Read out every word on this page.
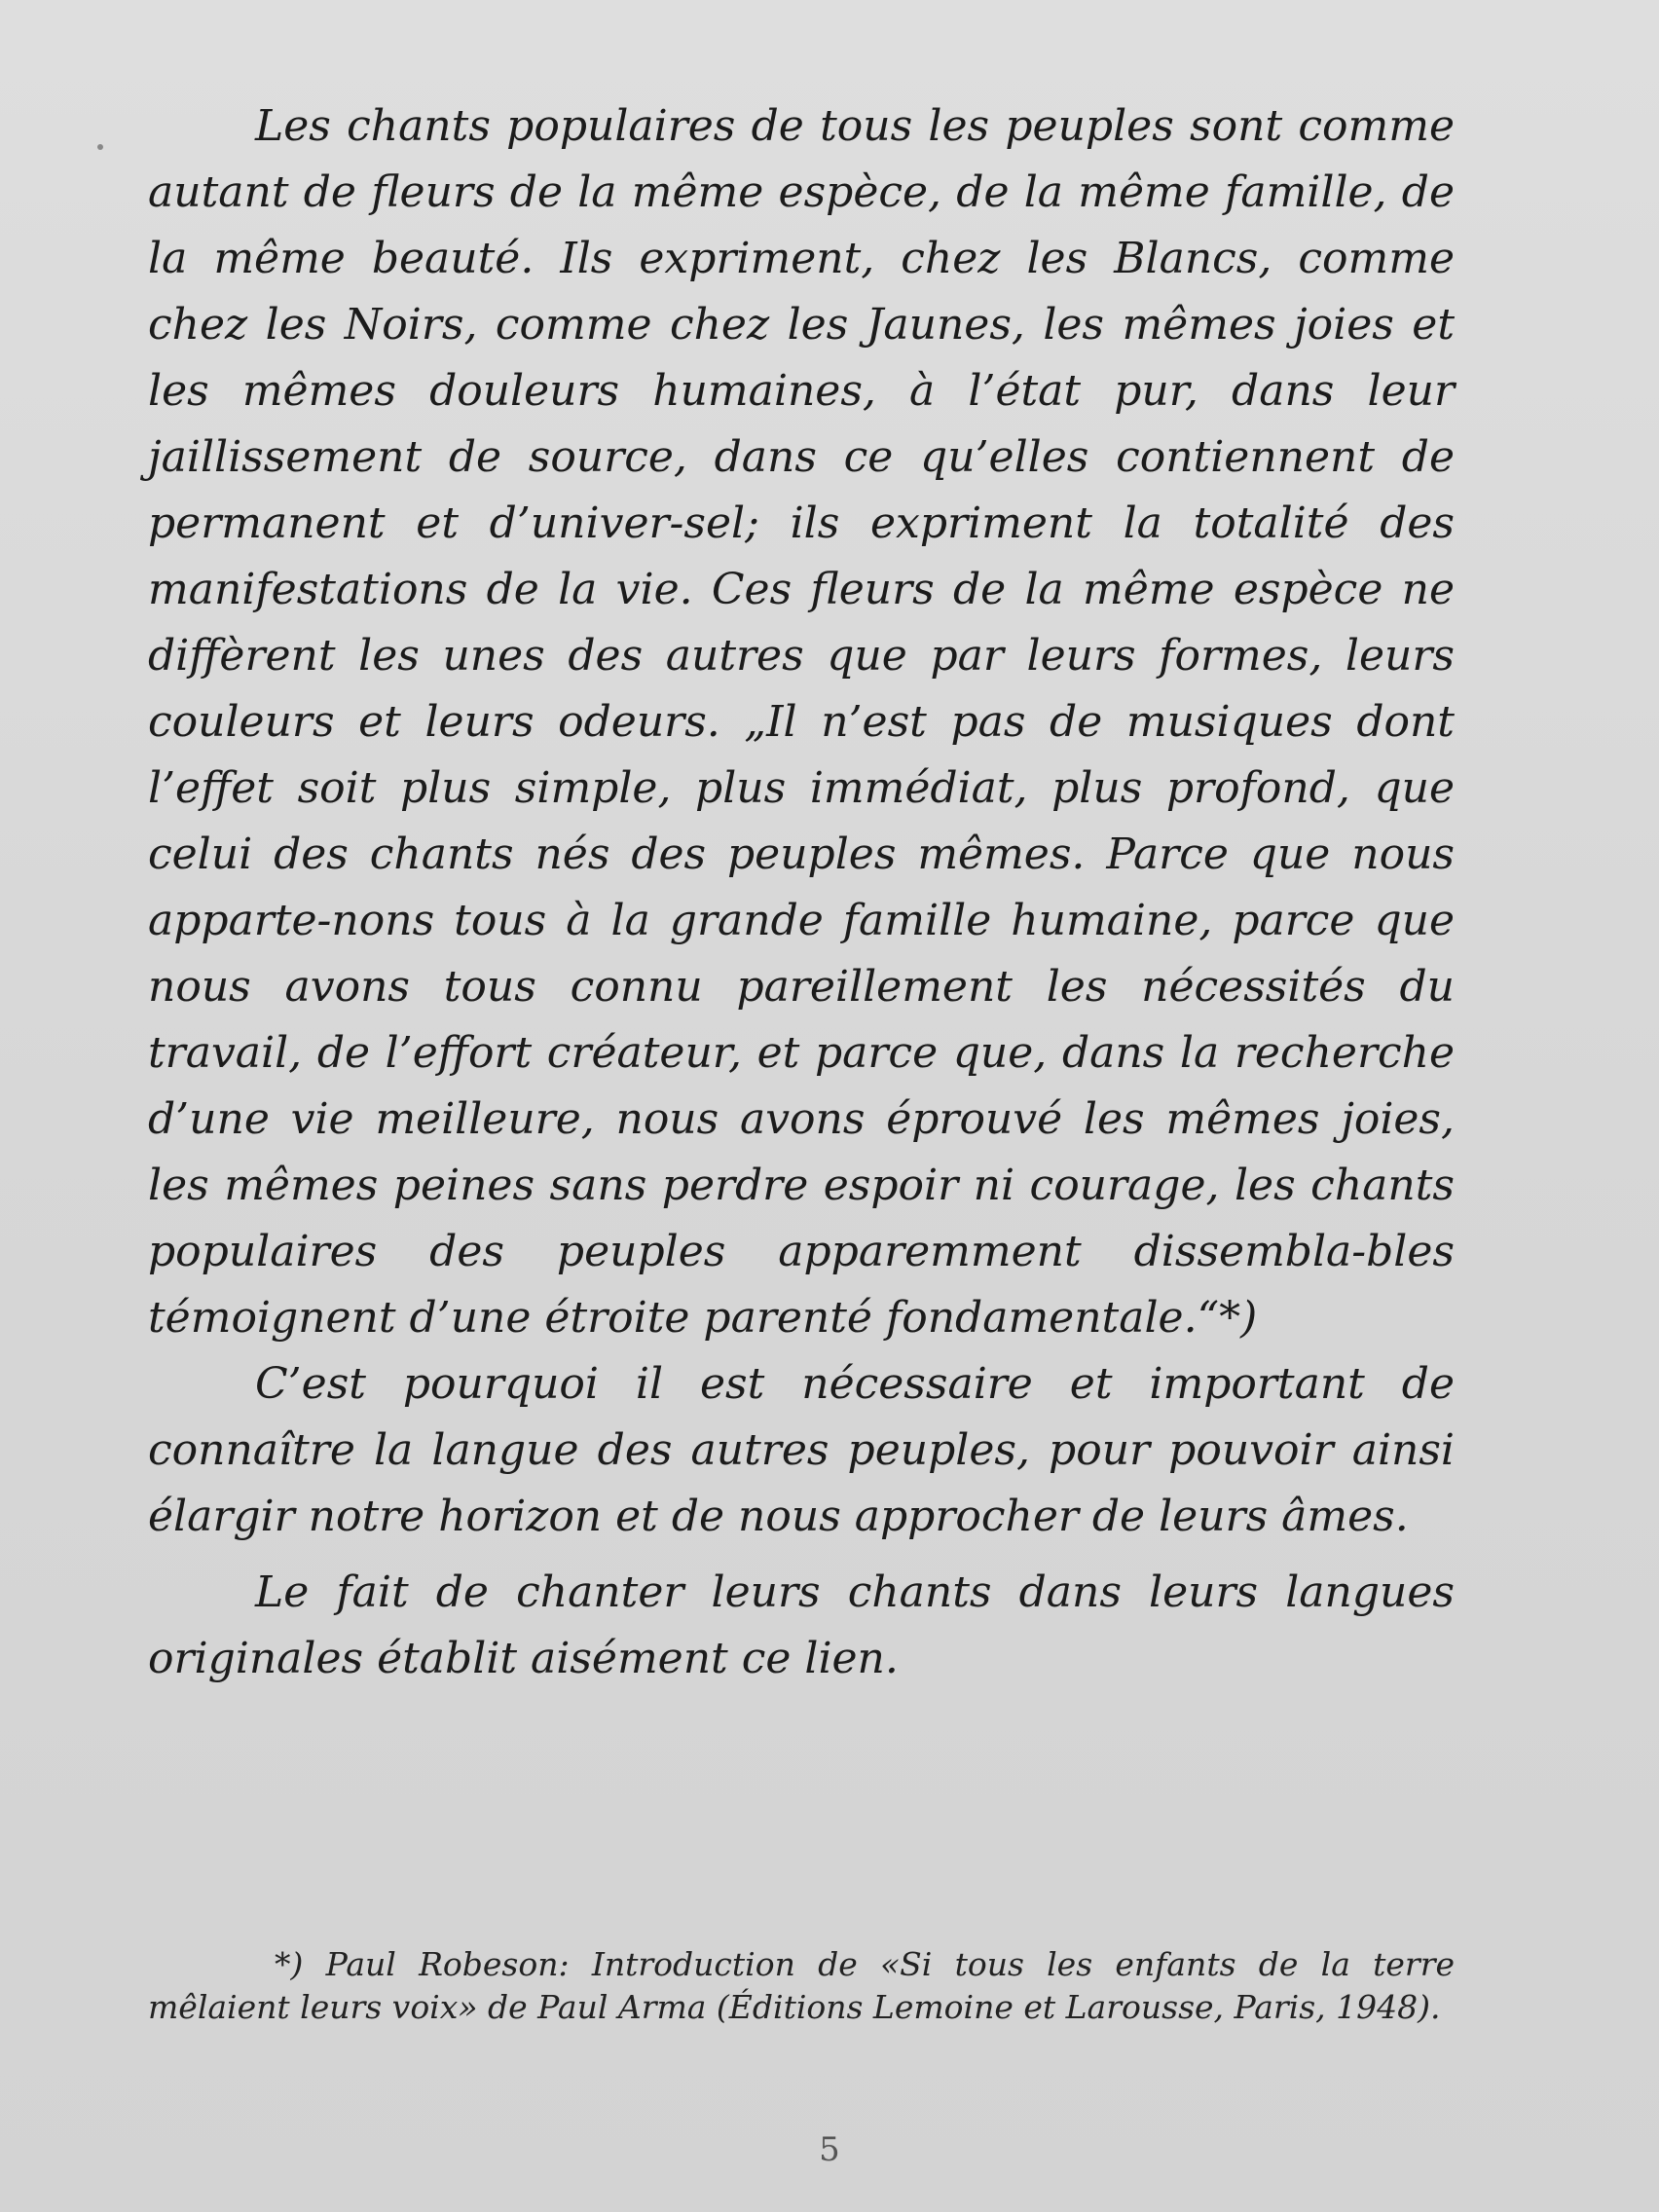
Les chants populaires de tous les peuples sont comme autant de fleurs de la même espèce, de la même famille, de la même beauté. Ils expriment, chez les Blancs, comme chez les Noirs, comme chez les Jaunes, les mêmes joies et les mêmes douleurs humaines, à l’état pur, dans leur jaillissement de source, dans ce qu’elles contiennent de permanent et d’univer-sel; ils expriment la totalité des manifestations de la vie. Ces fleurs de la même espèce ne diffèrent les unes des autres que par leurs formes, leurs couleurs et leurs odeurs. „Il n’est pas de musiques dont l’effet soit plus simple, plus immédiat, plus profond, que celui des chants nés des peuples mêmes. Parce que nous apparte-nons tous à la grande famille humaine, parce que nous avons tous connu pareillement les nécessités du travail, de l’effort créateur, et parce que, dans la recherche d’une vie meilleure, nous avons éprouvé les mêmes joies, les mêmes peines sans perdre espoir ni courage, les chants populaires des peuples apparemment dissembla-bles témoignent d’une étroite parenté fondamentale.“*)

C’est pourquoi il est nécessaire et important de connaître la langue des autres peuples, pour pouvoir ainsi élargir notre horizon et de nous approcher de leurs âmes.

Le fait de chanter leurs chants dans leurs langues originales établit aisément ce lien.

*) Paul Robeson: Introduction de «Si tous les enfants de la terre mêlaient leurs voix» de Paul Arma (Éditions Lemoine et Larousse, Paris, 1948).
5
